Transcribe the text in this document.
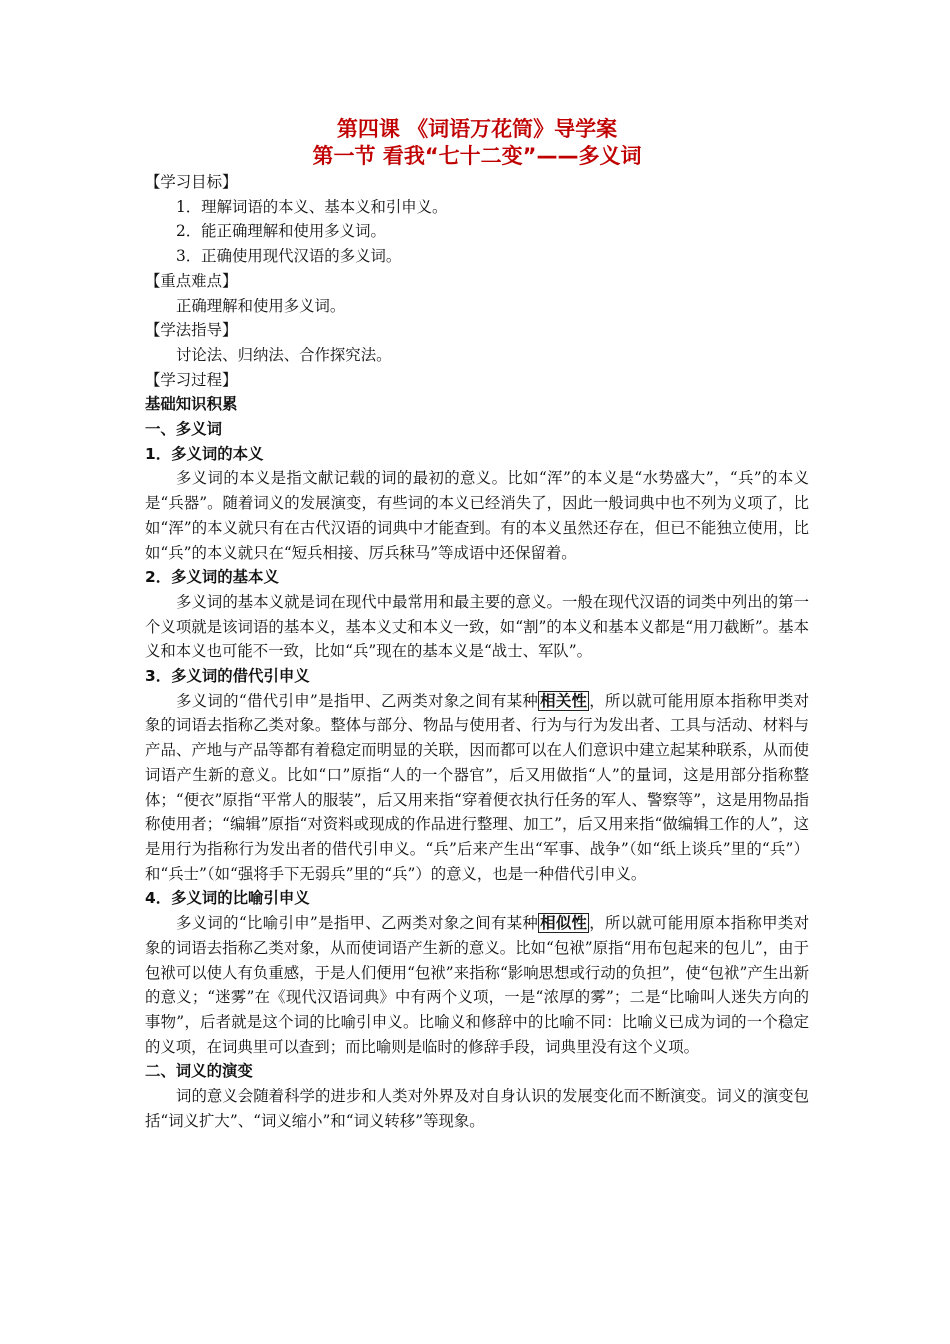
第四课 《词语万花筒》导学案
第一节 看我“七十二变”——多义词
【学习目标】
1．理解词语的本义、基本义和引申义。
2．能正确理解和使用多义词。
3．正确使用现代汉语的多义词。
【重点难点】
正确理解和使用多义词。
【学法指导】
讨论法、归纳法、合作探究法。
【学习过程】
基础知识积累
一、多义词
1．多义词的本义

多义词的本义是指文献记载的词的最初的意义。比如“浑”的本义是“水势盛大”，“兵”的本义是“兵器”。随着词义的发展演变，有些词的本义已经消失了，因此一般词典中也不列为义项了，比如“浑”的本义就只有在古代汉语的词典中才能查到。有的本义虽然还存在，但已不能独立使用，比如“兵”的本义就只在“短兵相接、厉兵秣马”等成语中还保留着。

2．多义词的基本义

多义词的基本义就是词在现代中最常用和最主要的意义。一般在现代汉语的词类中列出的第一个义项就是该词语的基本义，基本义丈和本义一致，如“割”的本义和基本义都是“用刀截断”。基本义和本义也可能不一致，比如“兵”现在的基本义是“战士、军队”。

3．多义词的借代引申义

多义词的“借代引申”是指甲、乙两类对象之间有某种 相关性 ，所以就可能用原本指称甲类对象的词语去指称乙类对象。整体与部分、物品与使用者、行为与行为发出者、工具与活动、材料与产品、产地与产品等都有着稳定而明显的关联，因而都可以在人们意识中建立起某种联系，从而使词语产生新的意义。比如“口”原指“人的一个器官”，后又用做指“人”的量词，这是用部分指称整体；“便衣”原指“平常人的服装”，后又用来指“穿着便衣执行任务的军人、警察等”，这是用物品指称使用者；“编辑”原指“对资料或现成的作品进行整理、加工”，后又用来指“做编辑工作的人”，这是用行为指称行为发出者的借代引申义。“兵”后来产生出“军事、战争”（如“纸上谈兵”里的“兵”）和“兵士”（如“强将手下无弱兵”里的“兵”）的意义，也是一种借代引申义。

4．多义词的比喻引申义

多义词的“比喻引申”是指甲、乙两类对象之间有某种 相似性 ，所以就可能用原本指称甲类对象的词语去指称乙类对象，从而使词语产生新的意义。比如“包袱”原指“用布包起来的包儿”，由于包袱可以使人有负重感，于是人们便用“包袱”来指称“影响思想或行动的负担”，使“包袱”产生出新的意义；“迷雾”在《现代汉语词典》中有两个义项，一是“浓厚的雾”；二是“比喻叫人迷失方向的事物”，后者就是这个词的比喻引申义。比喻义和修辞中的比喻不同：比喻义已成为词的一个稳定的义项，在词典里可以查到；而比喻则是临时的修辞手段，词典里没有这个义项。

二、词义的演变

词的意义会随着科学的进步和人类对外界及对自身认识的发展变化而不断演变。词义的演变包括“词义扩大”、“词义缩小”和“词义转移”等现象。
